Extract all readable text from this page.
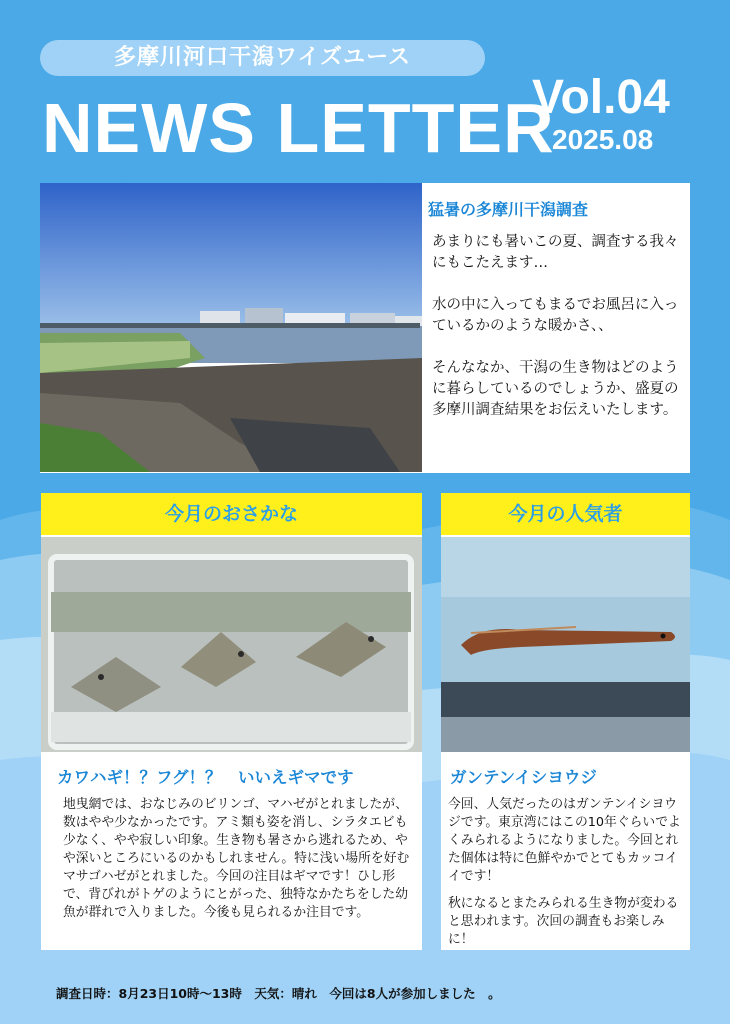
多摩川河口干潟ワイズユース
NEWS LETTER
Vol.04
2025.08
猛暑の多摩川干潟調査
あまりにも暑いこの夏、調査する我々にもこたえます…
水の中に入ってもまるでお風呂に入っているかのような暖かさ、、
そんななか、干潟の生き物はどのように暮らしているのでしょうか、盛夏の多摩川調査結果をお伝えいたします。
今月のおさかな
カワハギ！？フグ！？　いいえギマです
地曳網では、おなじみのビリンゴ、マハゼがとれましたが、数はやや少なかったです。アミ類も姿を消し、シラタエビも少なく、やや寂しい印象。生き物も暑さから逃れるため、やや深いところにいるのかもしれません。特に浅い場所を好むマサゴハゼがとれました。今回の注目はギマです！ひし形で、背びれがトゲのようにとがった、独特なかたちをした幼魚が群れで入りました。今後も見られるか注目です。
今月の人気者
ガンテンイシヨウジ
今回、人気だったのはガンテンイシヨウジです。東京湾にはこの10年ぐらいでよくみられるようになりました。今回とれた個体は特に色鮮やかでとてもカッコイイです！
秋になるとまたみられる生き物が変わると思われます。次回の調査もお楽しみに！
調査日時：8月23日10時～13時　天気：晴れ　今回は8人が参加しました　。
